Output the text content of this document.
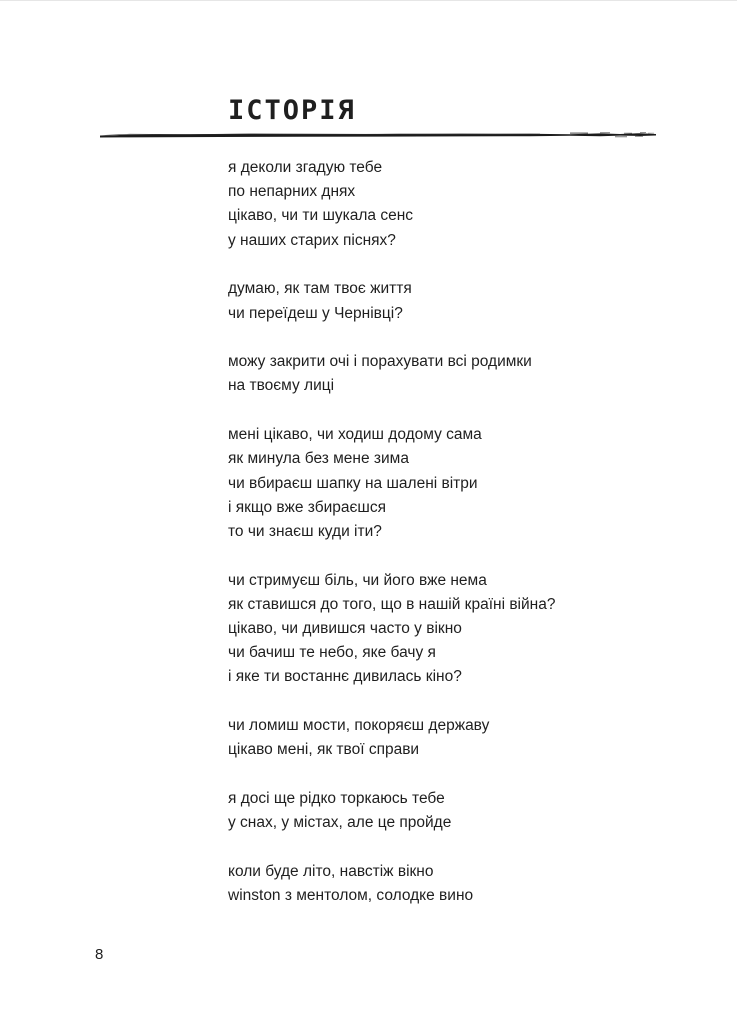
ІСТОРІЯ
я деколи згадую тебе
по непарних днях
цікаво, чи ти шукала сенс
у наших старих піснях?
думаю, як там твоє життя
чи переїдеш у Чернівці?
можу закрити очі і порахувати всі родимки
на твоєму лиці
мені цікаво, чи ходиш додому сама
як минула без мене зима
чи вбираєш шапку на шалені вітри
і якщо вже збираєшся
то чи знаєш куди іти?
чи стримуєш біль, чи його вже нема
як ставишся до того, що в нашій країні війна?
цікаво, чи дивишся часто у вікно
чи бачиш те небо, яке бачу я
і яке ти востаннє дивилась кіно?
чи ломиш мости, покоряєш державу
цікаво мені, як твої справи
я досі ще рідко торкаюсь тебе
у снах, у містах, але це пройде
коли буде літо, навстіж вікно
winston з ментолом, солодке вино
8
